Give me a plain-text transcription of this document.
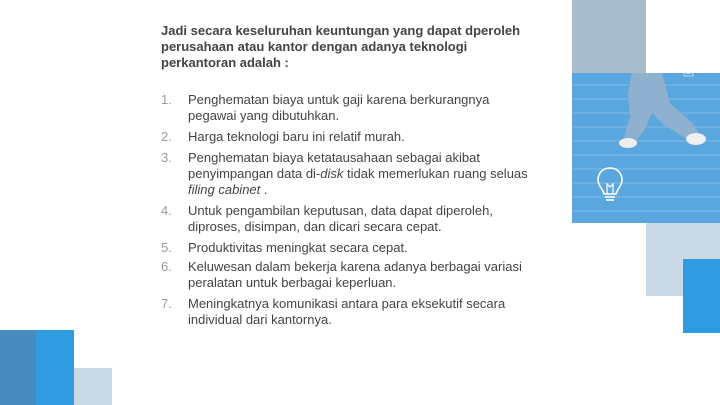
P A S S I O N
D
R
I
V
E
N
D

Jadi secara keseluruhan keuntungan yang dapat dperoleh perusahaan atau kantor dengan adanya teknologi perkantoran adalah :

1. Penghematan biaya untuk gaji karena berkurangnya pegawai yang dibutuhkan.
2. Harga teknologi baru ini relatif murah.
3. Penghematan biaya ketatausahaan sebagai akibat penyimpangan data di-disk tidak memerlukan ruang seluas filing cabinet .
4. Untuk pengambilan keputusan, data dapat diperoleh, diproses, disimpan, dan dicari secara cepat.
5. Produktivitas meningkat secara cepat.
6. Keluwesan dalam bekerja karena adanya berbagai variasi peralatan untuk berbagai keperluan.
7. Meningkatnya komunikasi antara para eksekutif secara individual dari kantornya.
